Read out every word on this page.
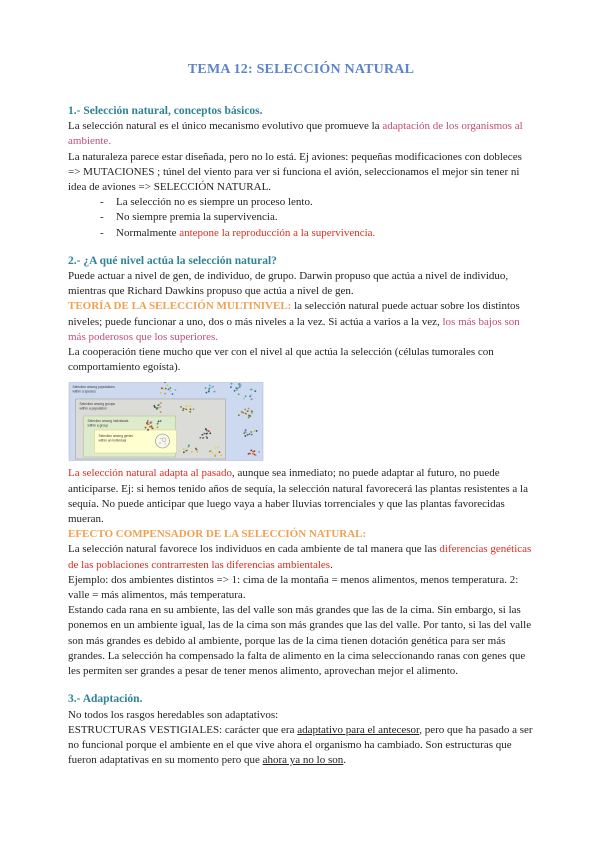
TEMA 12: SELECCIÓN NATURAL
1.- Selección natural, conceptos básicos.

La selección natural es el único mecanismo evolutivo que promueve la adaptación de los organismos al ambiente.

La naturaleza parece estar diseñada, pero no lo está. Ej aviones: pequeñas modificaciones con dobleces => MUTACIONES ; túnel del viento para ver si funciona el avión, seleccionamos el mejor sin tener ni idea de aviones => SELECCIÓN NATURAL.

- La selección no es siempre un proceso lento.
- No siempre premia la supervivencia.
- Normalmente antepone la reproducción a la supervivencia.
2.- ¿A qué nivel actúa la selección natural?

Puede actuar a nivel de gen, de individuo, de grupo. Darwin propuso que actúa a nivel de individuo, mientras que Richard Dawkins propuso que actúa a nivel de gen.

TEORÍA DE LA SELECCIÓN MULTINIVEL: la selección natural puede actuar sobre los distintos niveles; puede funcionar a uno, dos o más niveles a la vez. Si actúa a varios a la vez, los más bajos son más poderosos que los superiores.

La cooperación tiene mucho que ver con el nivel al que actúa la selección (células tumorales con comportamiento egoísta).

Selection among populations
within a species
Selection among groups
within a population
Selection among individuals
within a group
Selection among genes
within an individual

La selección natural adapta al pasado, aunque sea inmediato; no puede adaptar al futuro, no puede anticiparse. Ej: si hemos tenido años de sequía, la selección natural favorecerá las plantas resistentes a la sequía. No puede anticipar que luego vaya a haber lluvias torrenciales y que las plantas favorecidas mueran.

EFECTO COMPENSADOR DE LA SELECCIÓN NATURAL:

La selección natural favorece los individuos en cada ambiente de tal manera que las diferencias genéticas de las poblaciones contrarresten las diferencias ambientales.

Ejemplo: dos ambientes distintos => 1: cima de la montaña = menos alimentos, menos temperatura. 2: valle = más alimentos, más temperatura.

Estando cada rana en su ambiente, las del valle son más grandes que las de la cima. Sin embargo, si las ponemos en un ambiente igual, las de la cima son más grandes que las del valle. Por tanto, si las del valle son más grandes es debido al ambiente, porque las de la cima tienen dotación genética para ser más grandes. La selección ha compensado la falta de alimento en la cima seleccionando ranas con genes que les permiten ser grandes a pesar de tener menos alimento, aprovechan mejor el alimento.

3.- Adaptación.

No todos los rasgos heredables son adaptativos:

ESTRUCTURAS VESTIGIALES: carácter que era adaptativo para el antecesor, pero que ha pasado a ser no funcional porque el ambiente en el que vive ahora el organismo ha cambiado. Son estructuras que fueron adaptativas en su momento pero que ahora ya no lo son.
